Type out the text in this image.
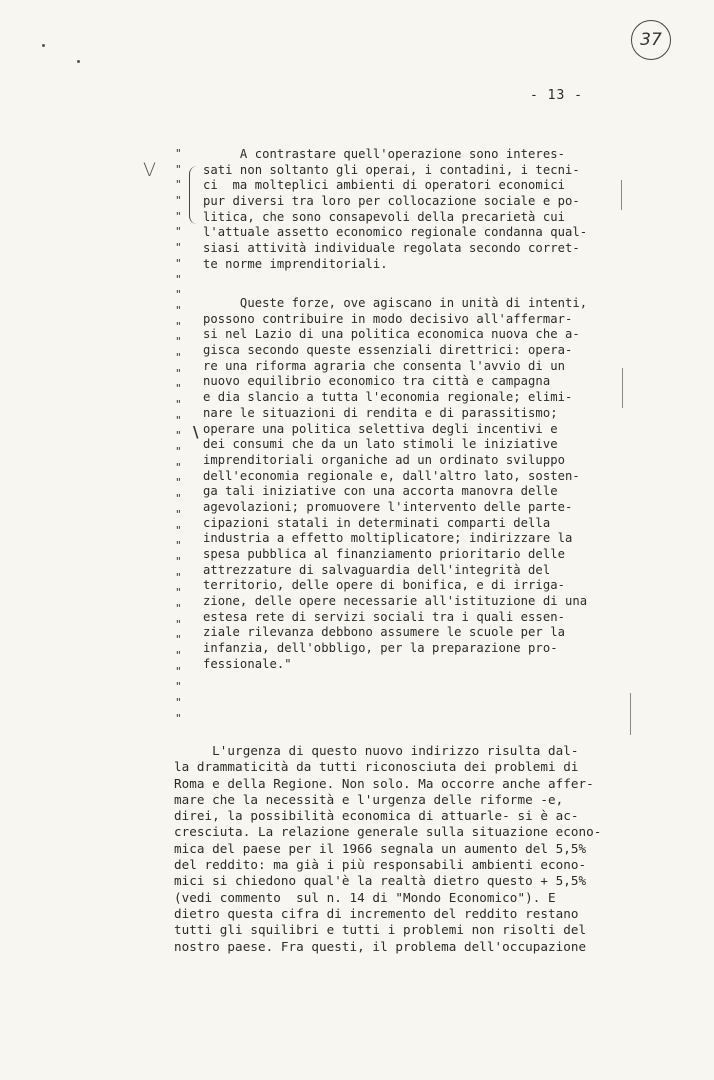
37
- 13 -
V
"
"
"
"
"
"
"
"
"
"
"
"
"
"
"
"
"
"
"
"
"
"
"
"
"
"
"
"
"
"
"
"
"
"
"
"
"
\
A contrastare quell'operazione sono interes-
sati non soltanto gli operai, i contadini, i tecni-
ci  ma molteplici ambienti di operatori economici
pur diversi tra loro per collocazione sociale e po-
litica, che sono consapevoli della precarietà cui
l'attuale assetto economico regionale condanna qual-
siasi attività individuale regolata secondo corret-
te norme imprenditoriali.
Queste forze, ove agiscano in unità di intenti,
possono contribuire in modo decisivo all'affermar-
si nel Lazio di una politica economica nuova che a-
gisca secondo queste essenziali direttrici: opera-
re una riforma agraria che consenta l'avvio di un
nuovo equilibrio economico tra città e campagna
e dia slancio a tutta l'economia regionale; elimi-
nare le situazioni di rendita e di parassitismo;
operare una politica selettiva degli incentivi e
dei consumi che da un lato stimoli le iniziative
imprenditoriali organiche ad un ordinato sviluppo
dell'economia regionale e, dall'altro lato, sosten-
ga tali iniziative con una accorta manovra delle
agevolazioni; promuovere l'intervento delle parte-
cipazioni statali in determinati comparti della
industria a effetto moltiplicatore; indirizzare la
spesa pubblica al finanziamento prioritario delle
attrezzature di salvaguardia dell'integrità del
territorio, delle opere di bonifica, e di irriga-
zione, delle opere necessarie all'istituzione di una
estesa rete di servizi sociali tra i quali essen-
ziale rilevanza debbono assumere le scuole per la
infanzia, dell'obbligo, per la preparazione pro-
fessionale."
L'urgenza di questo nuovo indirizzo risulta dal-
la drammaticità da tutti riconosciuta dei problemi di
Roma e della Regione. Non solo. Ma occorre anche affer-
mare che la necessità e l'urgenza delle riforme -e,
direi, la possibilità economica di attuarle- si è ac-
cresciuta. La relazione generale sulla situazione econo-
mica del paese per il 1966 segnala un aumento del 5,5%
del reddito: ma già i più responsabili ambienti econo-
mici si chiedono qual'è la realtà dietro questo + 5,5%
(vedi commento  sul n. 14 di "Mondo Economico"). E
dietro questa cifra di incremento del reddito restano
tutti gli squilibri e tutti i problemi non risolti del
nostro paese. Fra questi, il problema dell'occupazione
